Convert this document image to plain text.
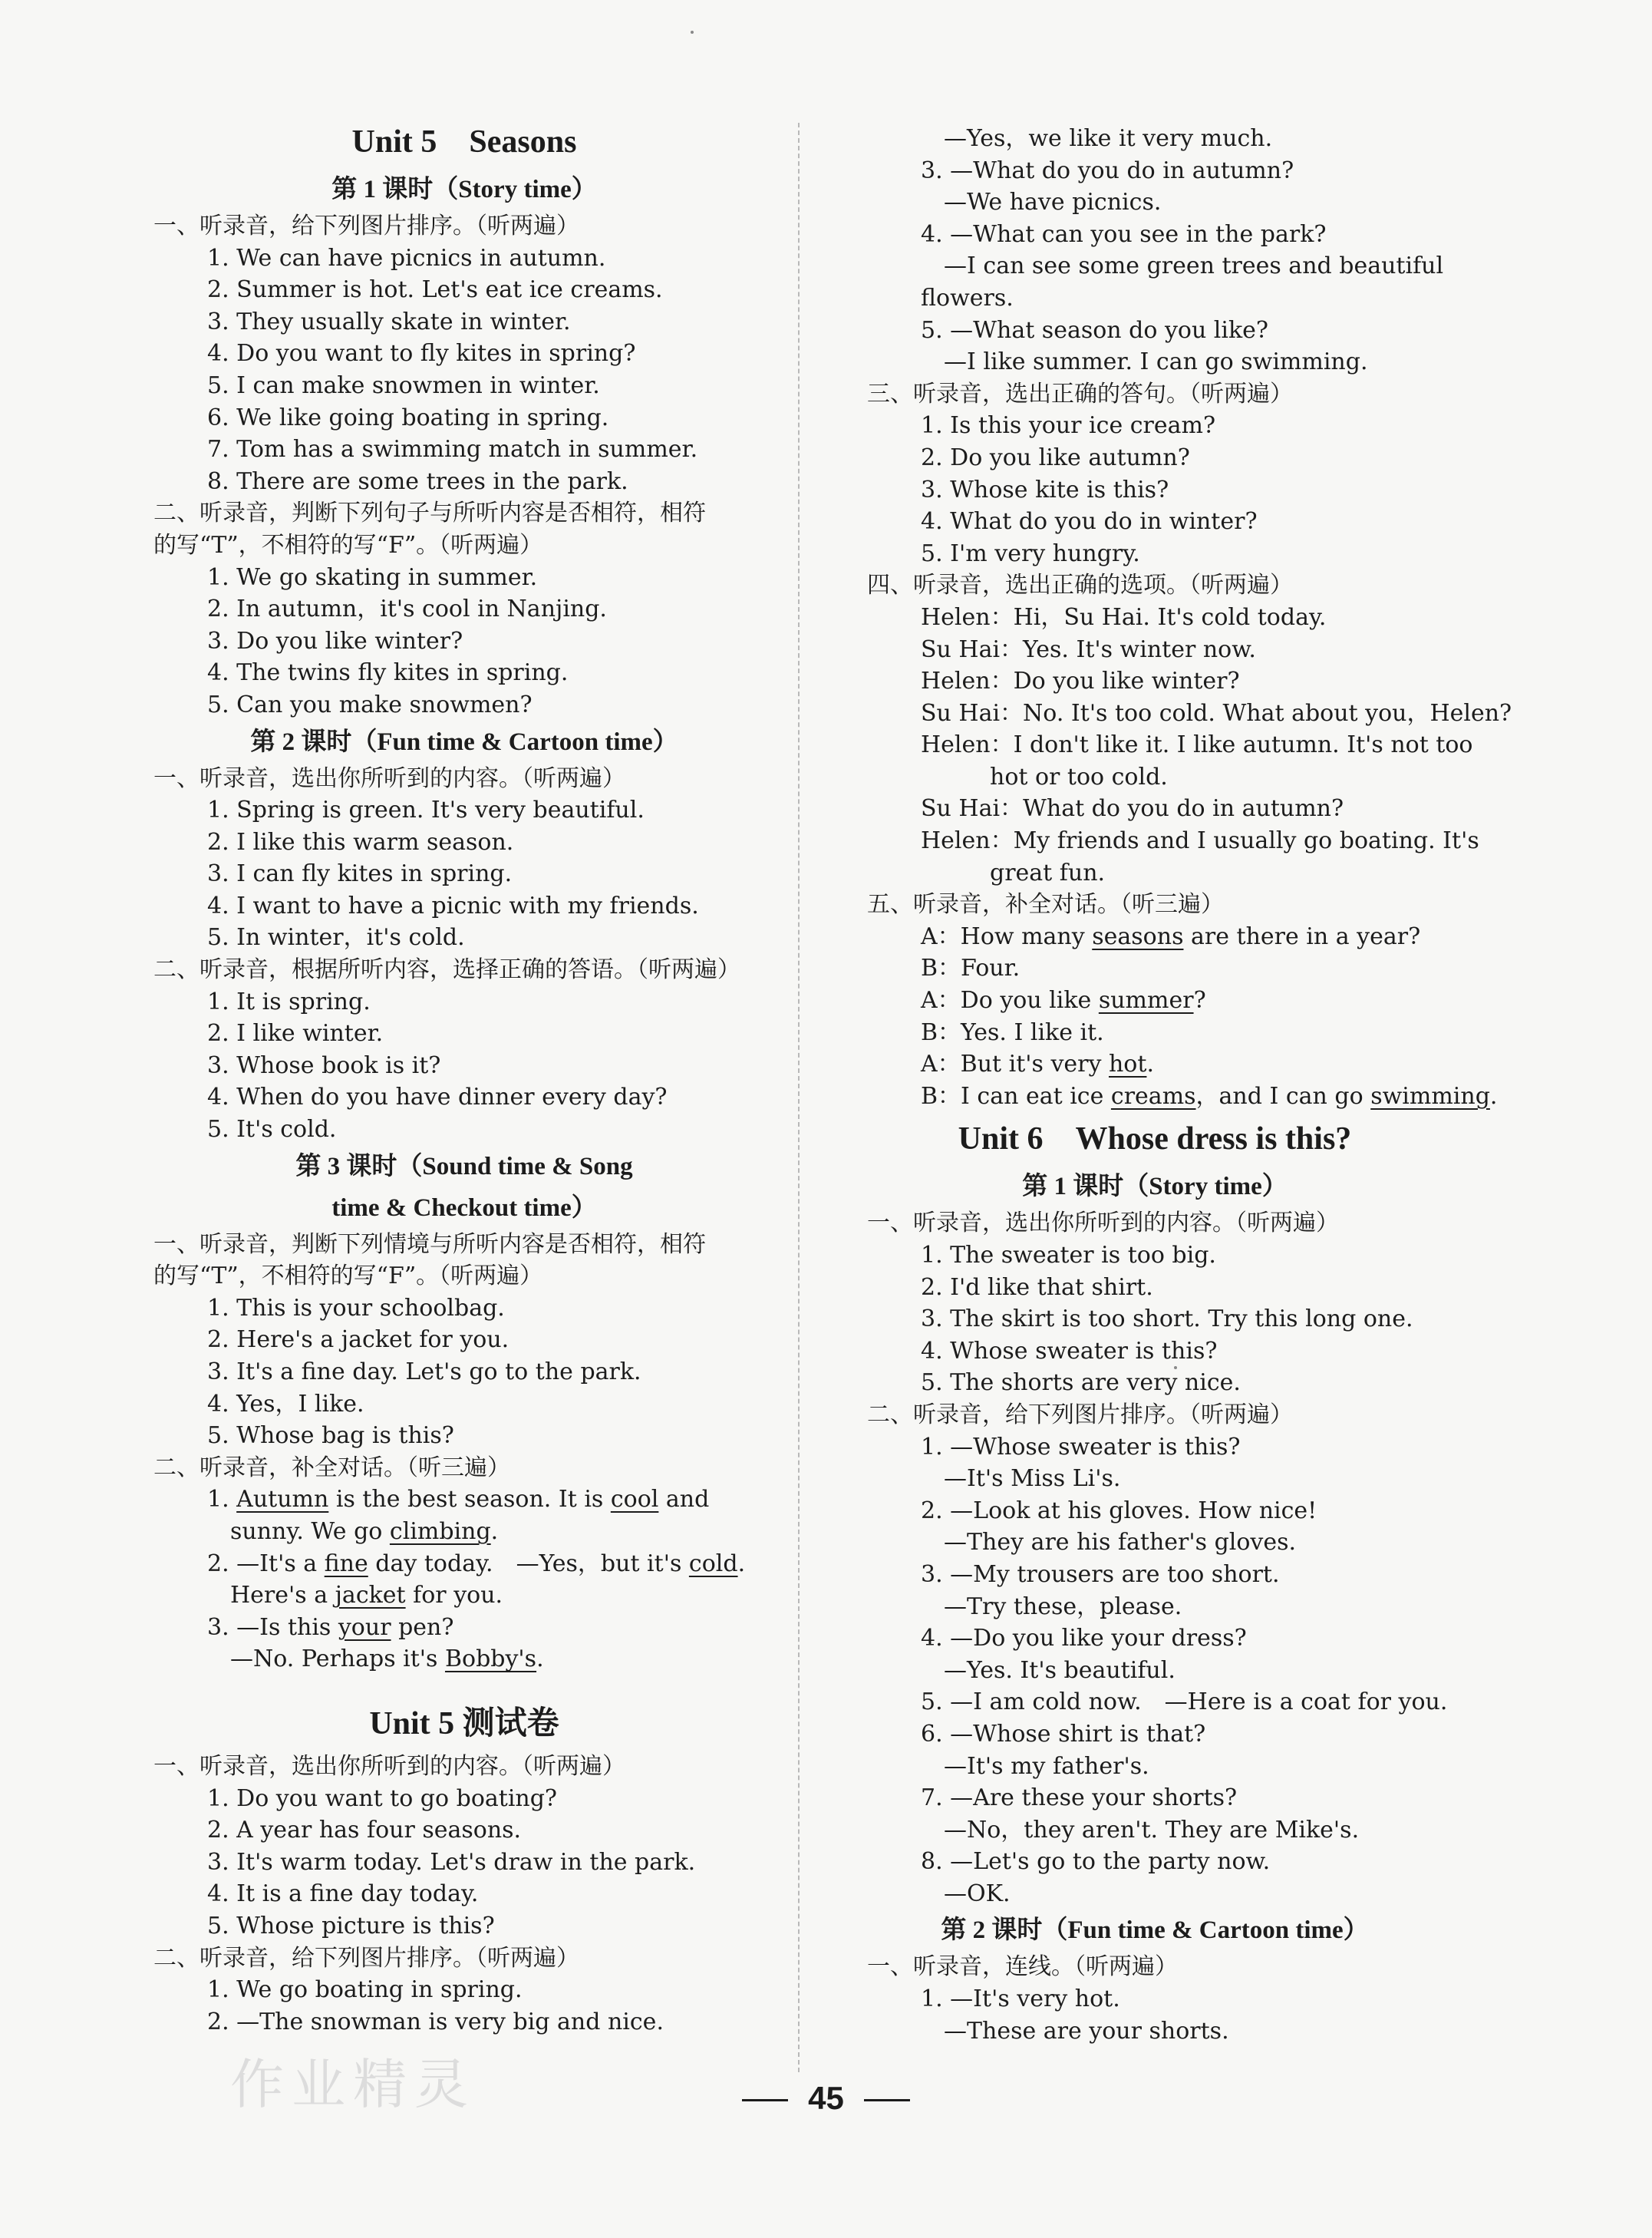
Unit 5　Seasons
第 1 课时（Story time）
一、听录音，给下列图片排序。（听两遍）
1. We can have picnics in autumn.
2. Summer is hot. Let's eat ice creams.
3. They usually skate in winter.
4. Do you want to fly kites in spring?
5. I can make snowmen in winter.
6. We like going boating in spring.
7. Tom has a swimming match in summer.
8. There are some trees in the park.
二、听录音，判断下列句子与所听内容是否相符，相符
的写“T”，不相符的写“F”。（听两遍）
1. We go skating in summer.
2. In autumn，it's cool in Nanjing.
3. Do you like winter?
4. The twins fly kites in spring.
5. Can you make snowmen?
第 2 课时（Fun time & Cartoon time）
一、听录音，选出你所听到的内容。（听两遍）
1. Spring is green. It's very beautiful.
2. I like this warm season.
3. I can fly kites in spring.
4. I want to have a picnic with my friends.
5. In winter，it's cold.
二、听录音，根据所听内容，选择正确的答语。（听两遍）
1. It is spring.
2. I like winter.
3. Whose book is it?
4. When do you have dinner every day?
5. It's cold.
第 3 课时（Sound time & Song
time & Checkout time）
一、听录音，判断下列情境与所听内容是否相符，相符
的写“T”，不相符的写“F”。（听两遍）
1. This is your schoolbag.
2. Here's a jacket for you.
3. It's a fine day. Let's go to the park.
4. Yes，I like.
5. Whose bag is this?
二、听录音，补全对话。（听三遍）
1. Autumn is the best season. It is cool and
sunny. We go climbing.
2. —It's a fine day today.　—Yes，but it's cold.
Here's a jacket for you.
3. —Is this your pen?
—No. Perhaps it's Bobby's.
Unit 5 测试卷
一、听录音，选出你所听到的内容。（听两遍）
1. Do you want to go boating?
2. A year has four seasons.
3. It's warm today. Let's draw in the park.
4. It is a fine day today.
5. Whose picture is this?
二、听录音，给下列图片排序。（听两遍）
1. We go boating in spring.
2. —The snowman is very big and nice.
—Yes，we like it very much.
3. —What do you do in autumn?
—We have picnics.
4. —What can you see in the park?
—I can see some green trees and beautiful
flowers.
5. —What season do you like?
—I like summer. I can go swimming.
三、听录音，选出正确的答句。（听两遍）
1. Is this your ice cream?
2. Do you like autumn?
3. Whose kite is this?
4. What do you do in winter?
5. I'm very hungry.
四、听录音，选出正确的选项。（听两遍）
Helen：Hi，Su Hai. It's cold today.
Su Hai：Yes. It's winter now.
Helen：Do you like winter?
Su Hai：No. It's too cold. What about you，Helen?
Helen：I don't like it. I like autumn. It's not too
　　　hot or too cold.
Su Hai：What do you do in autumn?
Helen：My friends and I usually go boating. It's
　　　great fun.
五、听录音，补全对话。（听三遍）
A：How many seasons are there in a year?
B：Four.
A：Do you like summer?
B：Yes. I like it.
A：But it's very hot.
B：I can eat ice creams，and I can go swimming.
Unit 6　Whose dress is this?
第 1 课时（Story time）
一、听录音，选出你所听到的内容。（听两遍）
1. The sweater is too big.
2. I'd like that shirt.
3. The skirt is too short. Try this long one.
4. Whose sweater is this?
5. The shorts are very nice.
二、听录音，给下列图片排序。（听两遍）
1. —Whose sweater is this?
—It's Miss Li's.
2. —Look at his gloves. How nice!
—They are his father's gloves.
3. —My trousers are too short.
—Try these，please.
4. —Do you like your dress?
—Yes. It's beautiful.
5. —I am cold now.　—Here is a coat for you.
6. —Whose shirt is that?
—It's my father's.
7. —Are these your shorts?
—No，they aren't. They are Mike's.
8. —Let's go to the party now.
—OK.
第 2 课时（Fun time & Cartoon time）
一、听录音，连线。（听两遍）
1. —It's very hot.
—These are your shorts.
作业精灵	45
